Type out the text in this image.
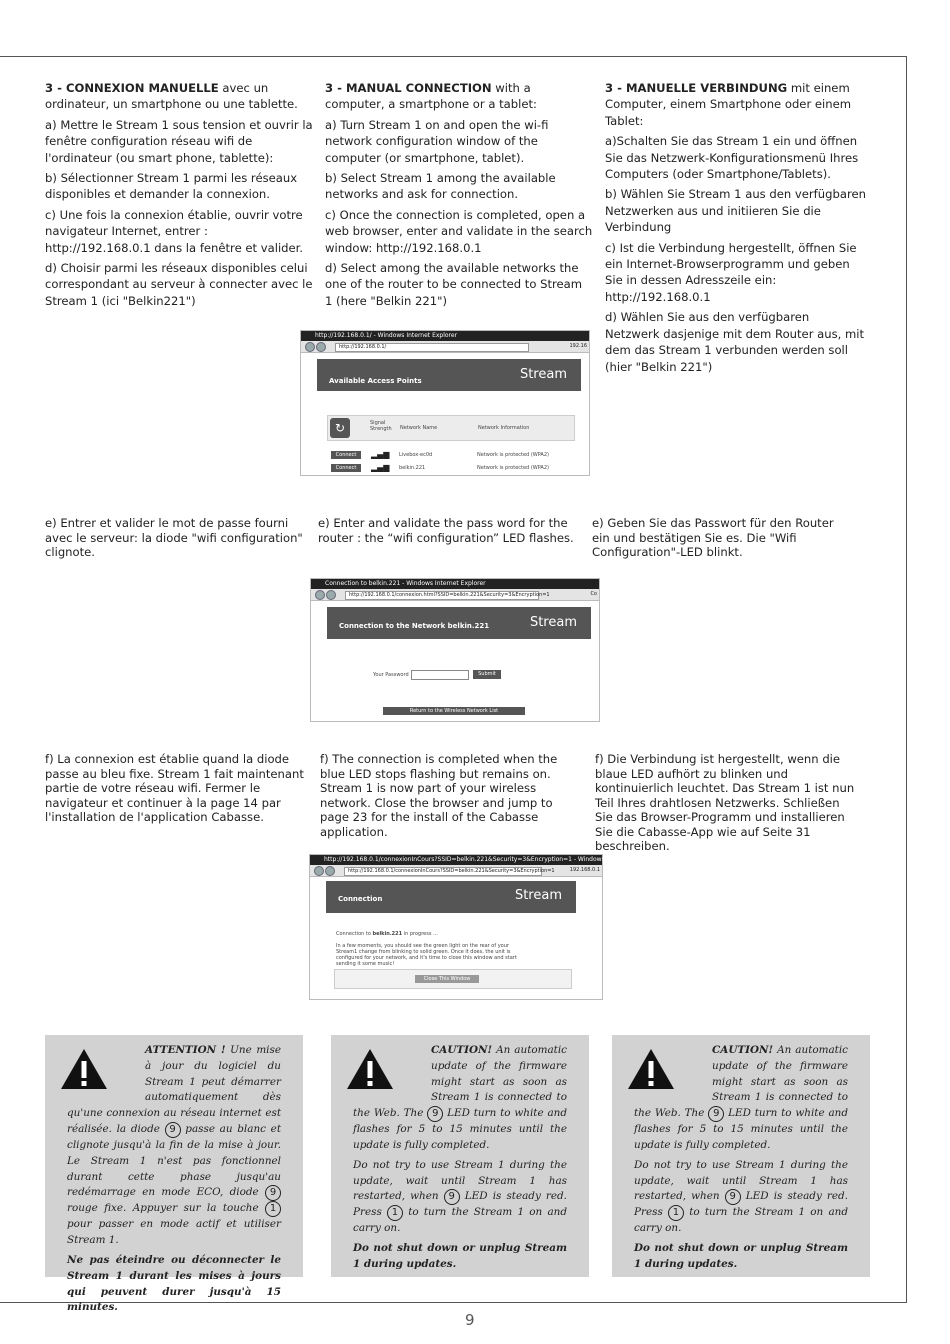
3 - CONNEXION MANUELLE avec un ordinateur, un smartphone ou une tablette.

a) Mettre le Stream 1 sous tension et ouvrir la fenêtre configuration réseau wifi de l'ordinateur (ou smart phone, tablette):

b) Sélectionner Stream 1 parmi les réseaux disponibles et demander la connexion.

c) Une fois la connexion établie, ouvrir votre navigateur Internet, entrer : http://192.168.0.1 dans la fenêtre et valider.

d) Choisir parmi les réseaux disponibles celui correspondant au serveur à connecter avec le Stream 1 (ici "Belkin221")

3 - MANUAL CONNECTION with a computer, a smartphone or a tablet:

a) Turn Stream 1 on and open the wi-fi network configuration window of the computer (or smartphone, tablet).

b) Select Stream 1 among the available networks and ask for connection.

c) Once the connection is completed, open a web browser, enter and validate in the search window: http://192.168.0.1

d) Select among the available networks the one of the router to be connected to Stream 1 (here "Belkin 221")

3 - MANUELLE VERBINDUNG mit einem Computer, einem Smartphone oder einem Tablet:

a)Schalten Sie das Stream 1 ein und öffnen Sie das Netzwerk-Konfigurationsmenü Ihres Computers (oder Smartphone/Tablets).

b) Wählen Sie Stream 1 aus den verfügbaren Netzwerken aus und initiieren Sie die Verbindung

c) Ist die Verbindung hergestellt, öffnen Sie ein Internet-Browserprogramm und geben Sie in dessen Adresszeile ein: http://192.168.0.1

d) Wählen Sie aus den verfügbaren Netzwerk dasjenige mit dem Router aus, mit dem das Stream 1 verbunden werden soll (hier "Belkin 221")

http://192.168.0.1/ - Windows Internet Explorer
http://192.168.0.1/	192.16
Available Access Points	Stream
↻	Signal Strength	Network Name	Network Information
Connect	▂▄▆ Livebox-ec0d	Network is protected (WPA2)
Connect	▂▄▆ belkin.221	Network is protected (WPA2)
e) Entrer et valider le mot de passe fourni avec le serveur: la diode "wifi configuration" clignote.
e) Enter and validate the pass word for the router : the “wifi configuration” LED flashes.
e) Geben Sie das Passwort für den Router ein und bestätigen Sie es. Die "Wifi Configuration"-LED blinkt.
Connection to belkin.221 - Windows Internet Explorer
http://192.168.0.1/connexion.html?SSID=belkin.221&Security=3&Encryption=1	Co
Connection to the Network belkin.221	Stream
Your Password	Submit
Return to the Wireless Network List
f) La connexion est établie quand la diode passe au bleu fixe. Stream 1 fait maintenant partie de votre réseau wifi. Fermer le navigateur et continuer à la page 14 par l'installation de l'application Cabasse.
f) The connection is completed when the blue LED stops flashing but remains on. Stream 1 is now part of your wireless network. Close the browser and jump to page 23 for the install of the Cabasse application.
f) Die Verbindung ist hergestellt, wenn die blaue LED aufhört zu blinken und kontinuierlich leuchtet. Das Stream 1 ist nun Teil Ihres drahtlosen Netzwerks. Schließen Sie das Browser-Programm und installieren Sie die Cabasse-App wie auf Seite 31 beschreiben.
http://192.168.0.1/connexionInCours?SSID=belkin.221&Security=3&Encryption=1 - Windows Internet Explorer
http://192.168.0.1/connexionInCours?SSID=belkin.221&Security=3&Encryption=1	192.168.0.1
Connection	Stream
Connection to belkin.221 in progress ...
In a few moments, you should see the green light on the rear of your Stream1 change from blinking to solid green. Once it does, the unit is configured for your network, and it's time to close this window and start sending it some music!
Close This Window

ATTENTION ! Une mise à jour du logiciel du Stream 1 peut démarrer automatiquement dès qu'une connexion au réseau internet est réalisée. la diode 9 passe au blanc et clignote jusqu'à la fin de la mise à jour. Le Stream 1 n'est pas fonctionnel durant cette phase jusqu'au redémarrage en mode ECO, diode 9 rouge fixe. Appuyer sur la touche 1 pour passer en mode actif et utiliser Stream 1.

Ne pas éteindre ou déconnecter le Stream 1 durant les mises à jours qui peuvent durer jusqu'à 15 minutes.

CAUTION! An automatic update of the firmware might start as soon as Stream 1 is connected to the Web. The 9 LED turn to white and flashes for 5 to 15 minutes until the update is fully completed.

Do not try to use Stream 1 during the update, wait until Stream 1 has restarted, when 9 LED is steady red. Press 1 to turn the Stream 1 on and carry on.

Do not shut down or unplug Stream 1 during updates.

CAUTION! An automatic update of the firmware might start as soon as Stream 1 is connected to the Web. The 9 LED turn to white and flashes for 5 to 15 minutes until the update is fully completed.

Do not try to use Stream 1 during the update, wait until Stream 1 has restarted, when 9 LED is steady red. Press 1 to turn the Stream 1 on and carry on.

Do not shut down or unplug Stream 1 during updates.

9
